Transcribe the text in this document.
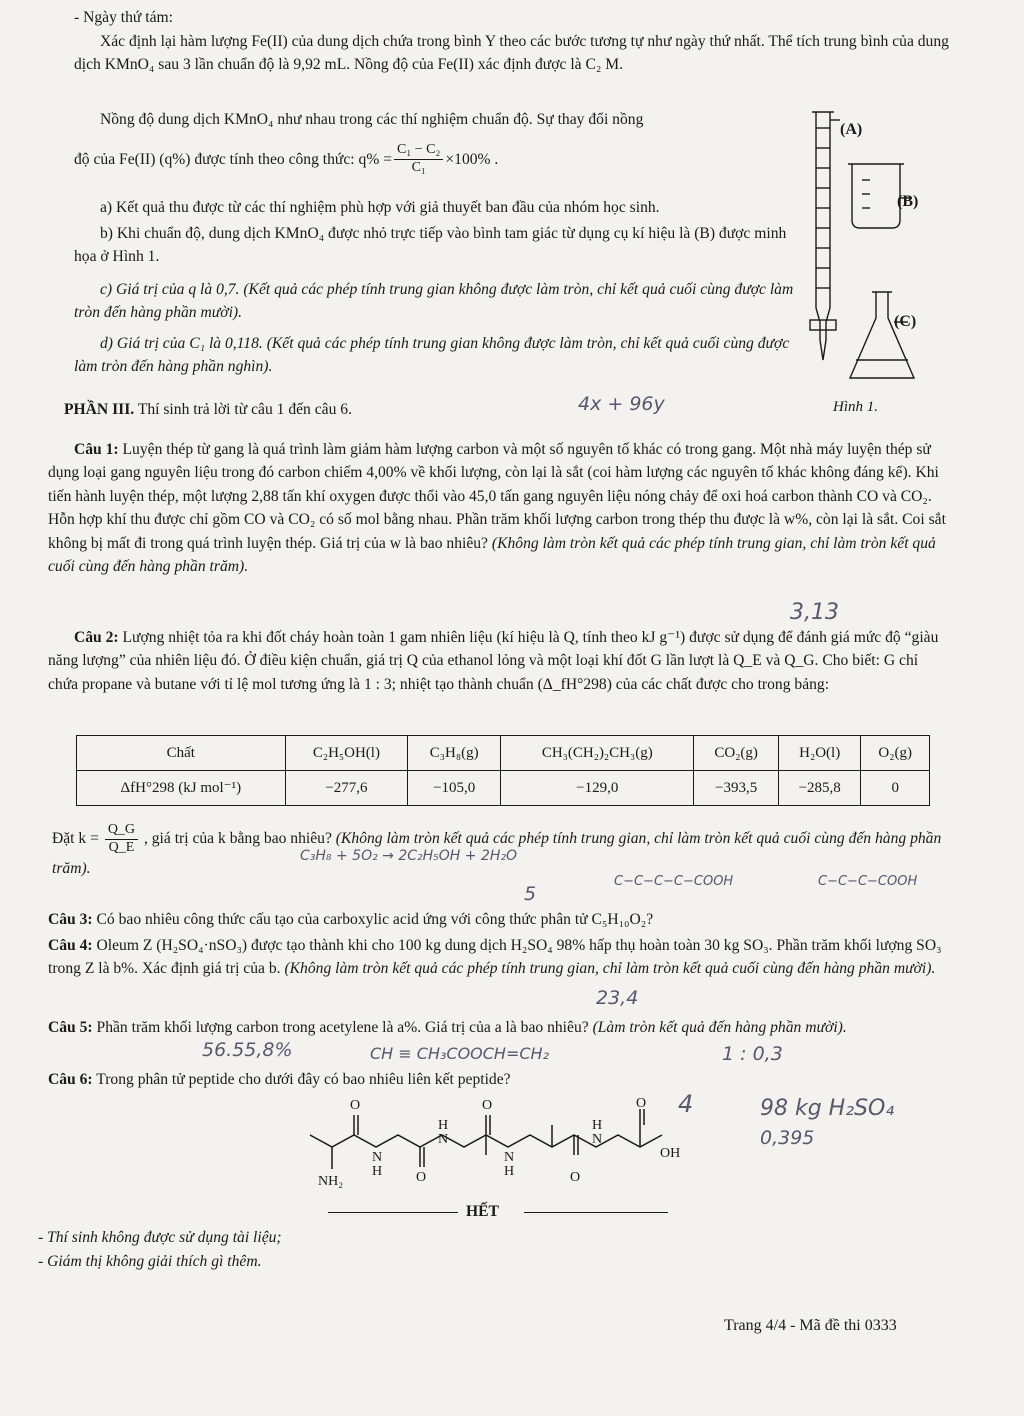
- Ngày thứ tám:

Xác định lại hàm lượng Fe(II) của dung dịch chứa trong bình Y theo các bước tương tự như ngày thứ nhất. Thể tích trung bình của dung dịch KMnO₄ sau 3 lần chuẩn độ là 9,92 mL. Nồng độ của Fe(II) xác định được là C₂ M.

Nồng độ dung dịch KMnO₄ như nhau trong các thí nghiệm chuẩn độ. Sự thay đổi nồng

độ của Fe(II) (q%) được tính theo công thức: $q\% = \frac{\text{C₁ − C₂}}{\text{C₁}} \times 100\%$ .

a) Kết quả thu được từ các thí nghiệm phù hợp với giả thuyết ban đầu của nhóm học sinh.

b) Khi chuẩn độ, dung dịch KMnO₄ được nhỏ trực tiếp vào bình tam giác từ dụng cụ kí hiệu là (B) được minh họa ở Hình 1.

c) Giá trị của q là 0,7. (Kết quả các phép tính trung gian không được làm tròn, chỉ kết quả cuối cùng được làm tròn đến hàng phần mười).

d) Giá trị của C₁ là 0,118. (Kết quả các phép tính trung gian không được làm tròn, chỉ kết quả cuối cùng được làm tròn đến hàng phần nghìn).

(A)
(B)
(C)
Hình 1.

PHẦN III. Thí sinh trả lời từ câu 1 đến câu 6.

Câu 1: Luyện thép từ gang là quá trình làm giảm hàm lượng carbon và một số nguyên tố khác có trong gang. Một nhà máy luyện thép sử dụng loại gang nguyên liệu trong đó carbon chiếm 4,00% về khối lượng, còn lại là sắt (coi hàm lượng các nguyên tố khác không đáng kể). Khi tiến hành luyện thép, một lượng 2,88 tấn khí oxygen được thổi vào 45,0 tấn gang nguyên liệu nóng chảy để oxi hoá carbon thành CO và CO₂. Hỗn hợp khí thu được chỉ gồm CO và CO₂ có số mol bằng nhau. Phần trăm khối lượng carbon trong thép thu được là w%, còn lại là sắt. Coi sắt không bị mất đi trong quá trình luyện thép. Giá trị của w là bao nhiêu? (Không làm tròn kết quả các phép tính trung gian, chỉ làm tròn kết quả cuối cùng đến hàng phần trăm).

Câu 2: Lượng nhiệt tỏa ra khi đốt cháy hoàn toàn 1 gam nhiên liệu (kí hiệu là Q, tính theo kJ g⁻¹) được sử dụng để đánh giá mức độ “giàu năng lượng” của nhiên liệu đó. Ở điều kiện chuẩn, giá trị Q của ethanol lỏng và một loại khí đốt G lần lượt là Q_E và Q_G. Cho biết: G chỉ chứa propane và butane với tỉ lệ mol tương ứng là 1 : 3; nhiệt tạo thành chuẩn (Δ_fH°298) của các chất được cho trong bảng:

Chất	C₂H₅OH(l)	C₃H₈(g)	CH₃(CH₂)₂CH₃(g)	CO₂(g)	H₂O(l)	O₂(g)
ΔfH°298 (kJ mol⁻¹)	−277,6	−105,0	−129,0	−393,5	−285,8	0
Đặt $k = \frac{Q\_G}{Q\_E}$ , giá trị của k bằng bao nhiêu? (Không làm tròn kết quả các phép tính trung gian, chỉ làm tròn kết quả cuối cùng đến hàng phần trăm).

Câu 3: Có bao nhiêu công thức cấu tạo của carboxylic acid ứng với công thức phân tử C₅H₁₀O₂?

Câu 4: Oleum Z (H₂SO₄·nSO₃) được tạo thành khi cho 100 kg dung dịch H₂SO₄ 98% hấp thụ hoàn toàn 30 kg SO₃. Phần trăm khối lượng SO₃ trong Z là b%. Xác định giá trị của b. (Không làm tròn kết quả các phép tính trung gian, chỉ làm tròn kết quả cuối cùng đến hàng phần mười).

Câu 5: Phần trăm khối lượng carbon trong acetylene là a%. Giá trị của a là bao nhiêu? (Làm tròn kết quả đến hàng phần mười).

Câu 6: Trong phân tử peptide cho dưới đây có bao nhiêu liên kết peptide?

O
O
O
O
O
N
H
H
N
N
H
H
N
NH₂
OH
HẾT

- Thí sinh không được sử dụng tài liệu;

- Giám thị không giải thích gì thêm.

Trang 4/4 - Mã đề thi 0333

4x + 96y
3,13
C₃H₈ + 5O₂ → 2C₂H₅OH + 2H₂O
5
C−C−C−C−COOH	C−C−C−COOH
23,4
56.55,8%	CH ≡ CH₃COOCH=CH₂	1 : 0,3
4	98 kg H₂SO₄
0,395
